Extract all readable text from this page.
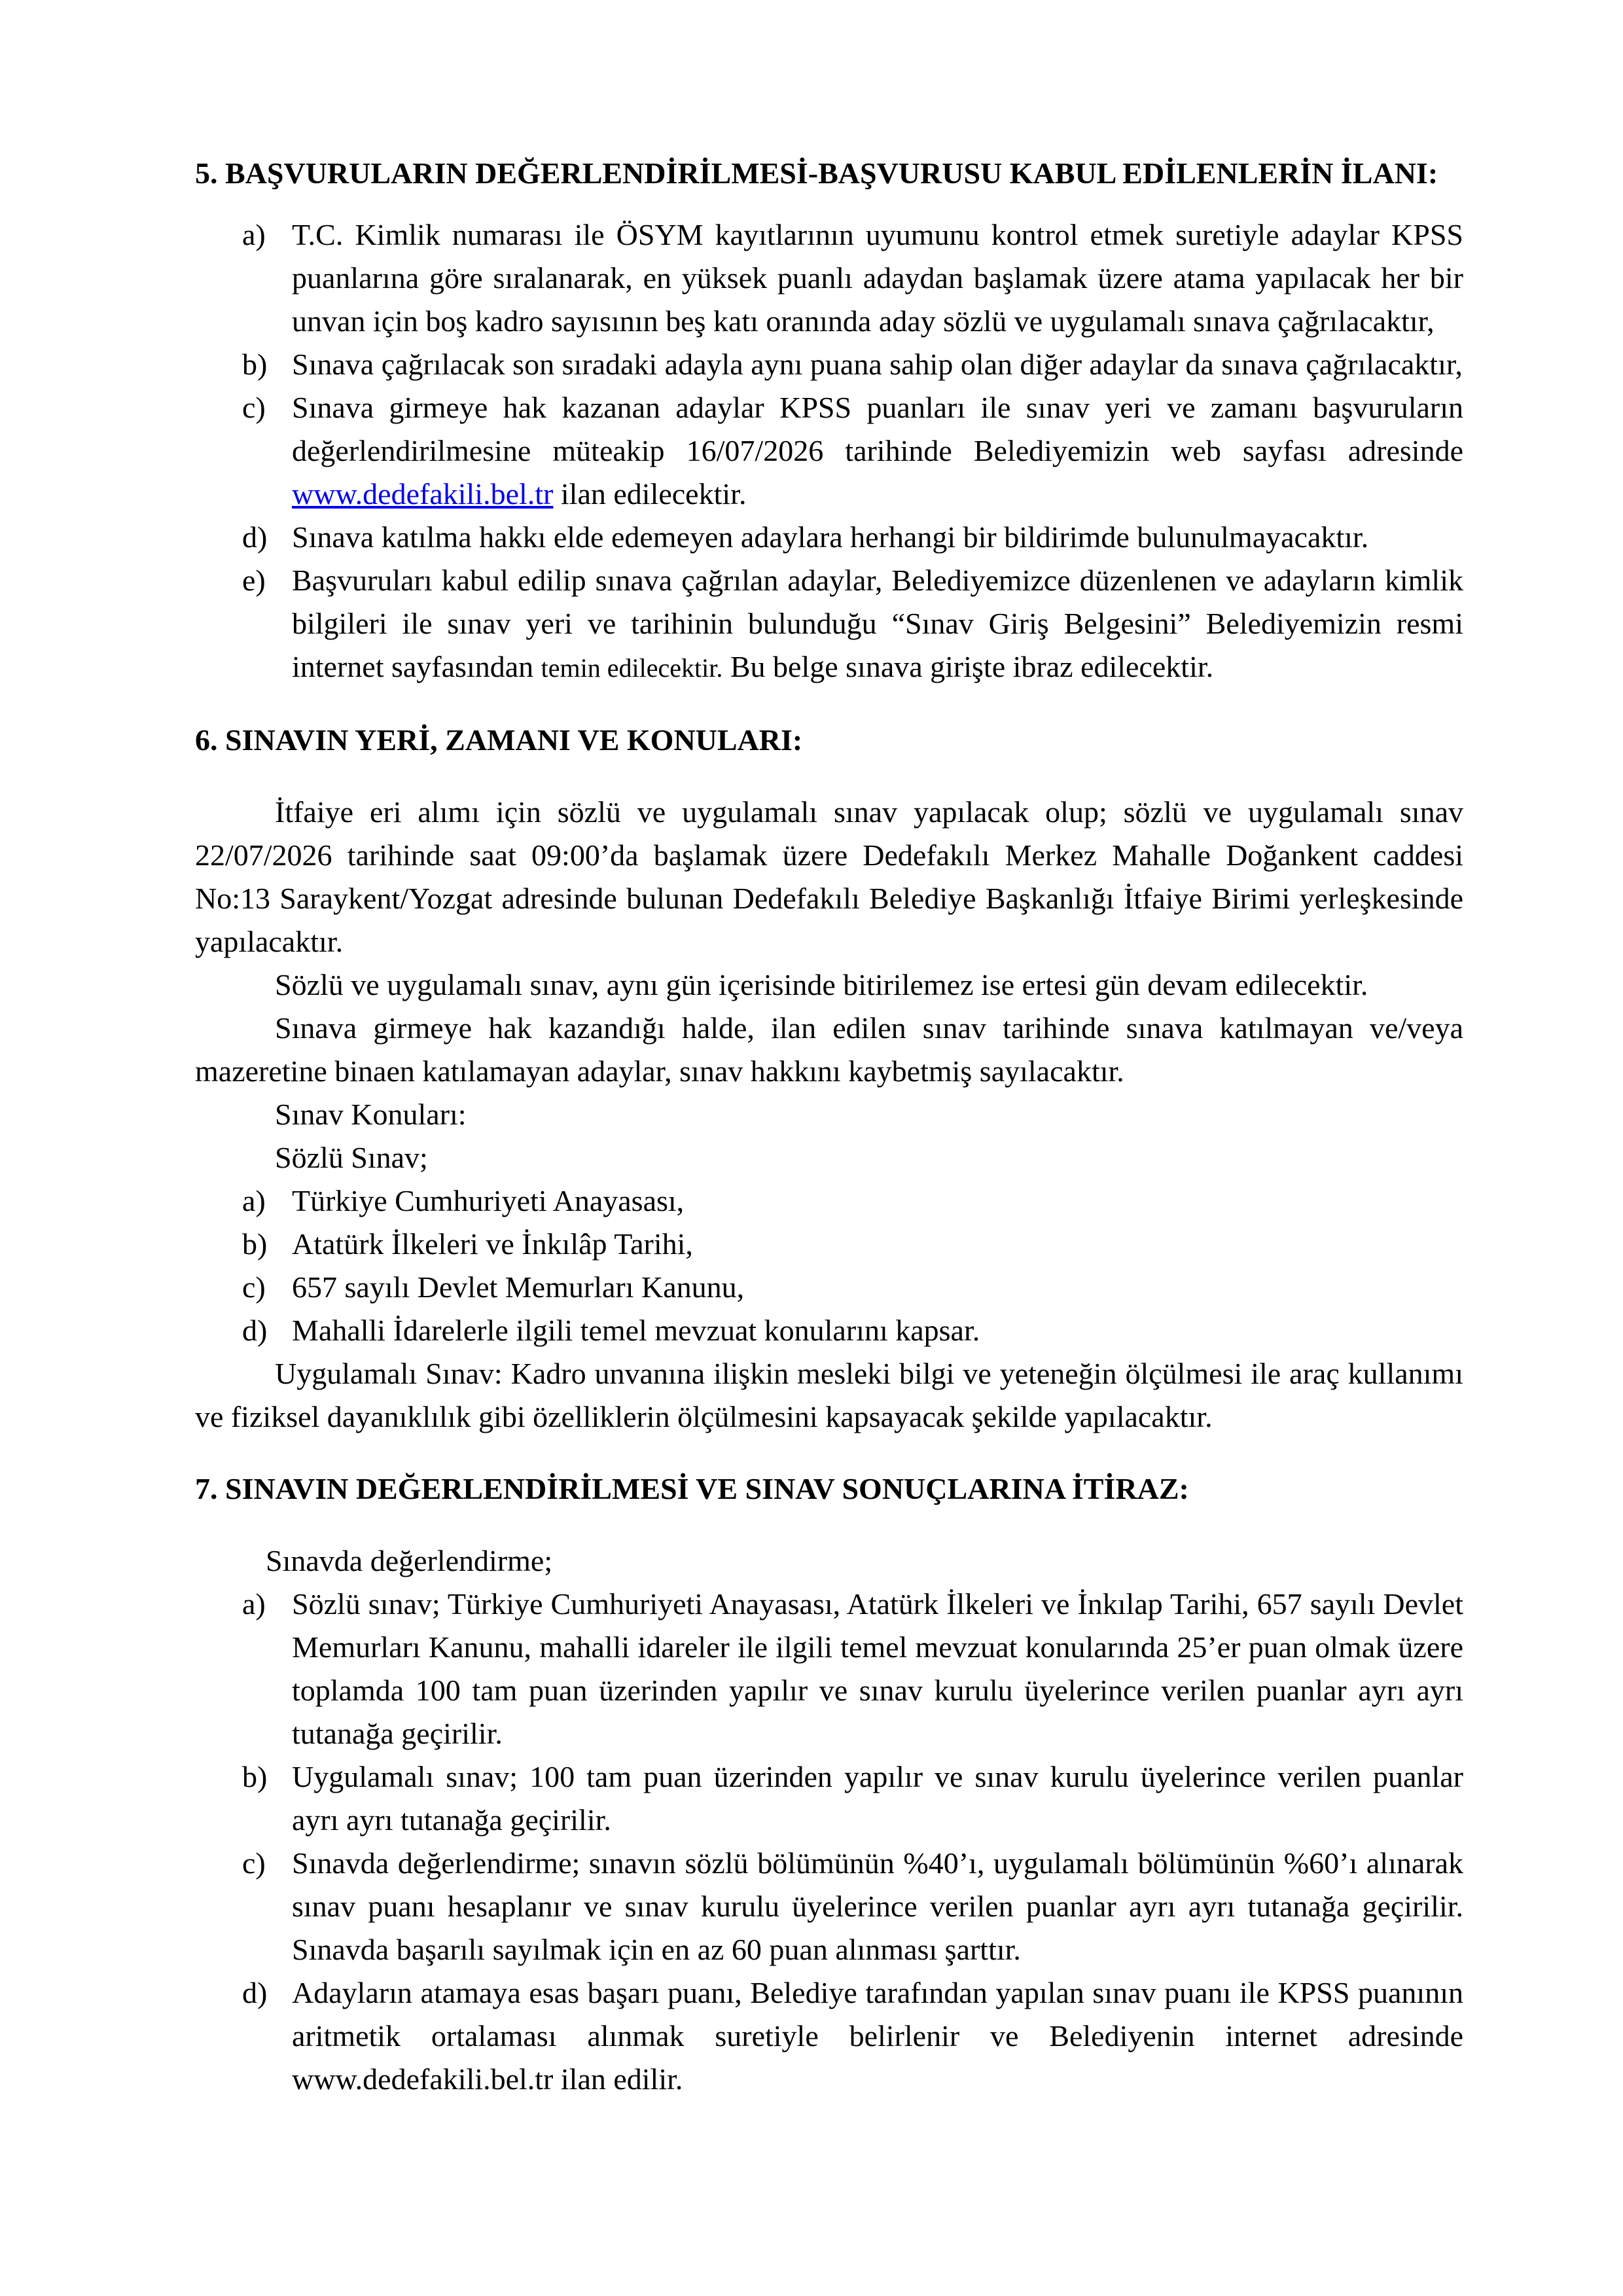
5. BAŞVURULARIN DEĞERLENDİRİLMESİ-BAŞVURUSU KABUL EDİLENLERİN İLANI:
a) T.C. Kimlik numarası ile ÖSYM kayıtlarının uyumunu kontrol etmek suretiyle adaylar KPSS puanlarına göre sıralanarak, en yüksek puanlı adaydan başlamak üzere atama yapılacak her bir unvan için boş kadro sayısının beş katı oranında aday sözlü ve uygulamalı sınava çağrılacaktır,
b) Sınava çağrılacak son sıradaki adayla aynı puana sahip olan diğer adaylar da sınava çağrılacaktır,
c) Sınava girmeye hak kazanan adaylar KPSS puanları ile sınav yeri ve zamanı başvuruların değerlendirilmesine müteakip 16/07/2026 tarihinde Belediyemizin web sayfası adresinde www.dedefakili.bel.tr ilan edilecektir.
d) Sınava katılma hakkı elde edemeyen adaylara herhangi bir bildirimde bulunulmayacaktır.
e) Başvuruları kabul edilip sınava çağrılan adaylar, Belediyemizce düzenlenen ve adayların kimlik bilgileri ile sınav yeri ve tarihinin bulunduğu “Sınav Giriş Belgesini” Belediyemizin resmi internet sayfasından temin edilecektir. Bu belge sınava girişte ibraz edilecektir.
6. SINAVIN YERİ, ZAMANI VE KONULARI:

İtfaiye eri alımı için sözlü ve uygulamalı sınav yapılacak olup; sözlü ve uygulamalı sınav 22/07/2026 tarihinde saat 09:00’da başlamak üzere Dedefakılı Merkez Mahalle Doğankent caddesi No:13 Saraykent/Yozgat adresinde bulunan Dedefakılı Belediye Başkanlığı İtfaiye Birimi yerleşkesinde yapılacaktır.

Sözlü ve uygulamalı sınav, aynı gün içerisinde bitirilemez ise ertesi gün devam edilecektir.

Sınava girmeye hak kazandığı halde, ilan edilen sınav tarihinde sınava katılmayan ve/veya mazeretine binaen katılamayan adaylar, sınav hakkını kaybetmiş sayılacaktır.

Sınav Konuları:

Sözlü Sınav;

a) Türkiye Cumhuriyeti Anayasası,
b) Atatürk İlkeleri ve İnkılâp Tarihi,
c) 657 sayılı Devlet Memurları Kanunu,
d) Mahalli İdarelerle ilgili temel mevzuat konularını kapsar.

Uygulamalı Sınav: Kadro unvanına ilişkin mesleki bilgi ve yeteneğin ölçülmesi ile araç kullanımı ve fiziksel dayanıklılık gibi özelliklerin ölçülmesini kapsayacak şekilde yapılacaktır.

7. SINAVIN DEĞERLENDİRİLMESİ VE SINAV SONUÇLARINA İTİRAZ:

Sınavda değerlendirme;

a) Sözlü sınav; Türkiye Cumhuriyeti Anayasası, Atatürk İlkeleri ve İnkılap Tarihi, 657 sayılı Devlet Memurları Kanunu, mahalli idareler ile ilgili temel mevzuat konularında 25’er puan olmak üzere toplamda 100 tam puan üzerinden yapılır ve sınav kurulu üyelerince verilen puanlar ayrı ayrı tutanağa geçirilir.
b) Uygulamalı sınav; 100 tam puan üzerinden yapılır ve sınav kurulu üyelerince verilen puanlar ayrı ayrı tutanağa geçirilir.
c) Sınavda değerlendirme; sınavın sözlü bölümünün %40’ı, uygulamalı bölümünün %60’ı alınarak sınav puanı hesaplanır ve sınav kurulu üyelerince verilen puanlar ayrı ayrı tutanağa geçirilir. Sınavda başarılı sayılmak için en az 60 puan alınması şarttır.
d) Adayların atamaya esas başarı puanı, Belediye tarafından yapılan sınav puanı ile KPSS puanının aritmetik ortalaması alınmak suretiyle belirlenir ve Belediyenin internet adresinde www.dedefakili.bel.tr ilan edilir.
